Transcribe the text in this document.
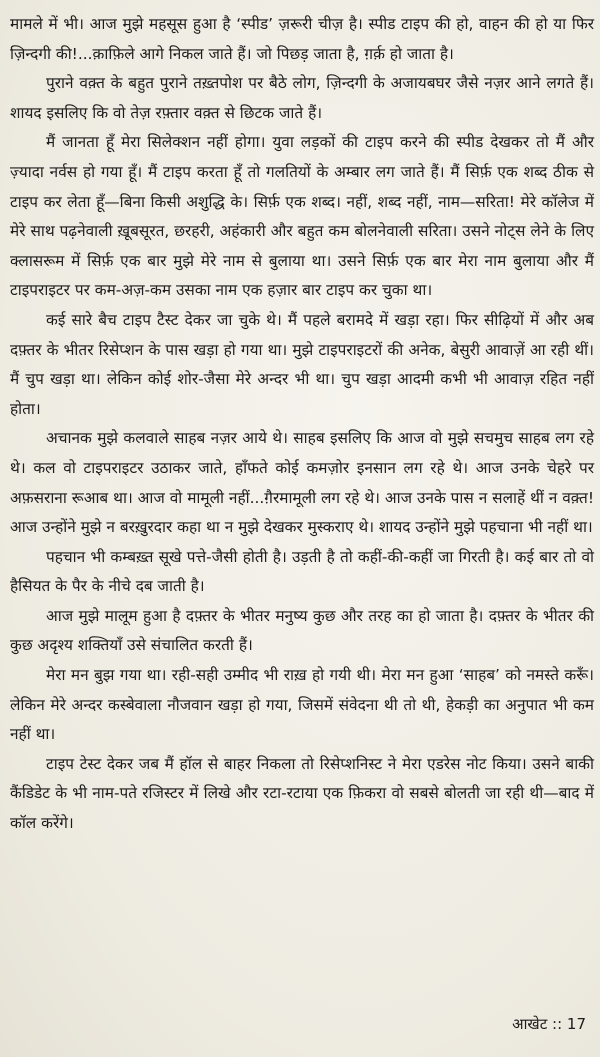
मामले में भी। आज मुझे महसूस हुआ है ‘स्पीड’ ज़रूरी चीज़ है। स्पीड टाइप की हो, वाहन की हो या फिर ज़िन्दगी की!...क़ाफ़िले आगे निकल जाते हैं। जो पिछड़ जाता है, ग़र्क़ हो जाता है।

पुराने वक़्त के बहुत पुराने तख़्तपोश पर बैठे लोग, ज़िन्दगी के अजायबघर जैसे नज़र आने लगते हैं। शायद इसलिए कि वो तेज़ रफ़्तार वक़्त से छिटक जाते हैं।

मैं जानता हूँ मेरा सिलेक्शन नहीं होगा। युवा लड़कों की टाइप करने की स्पीड देखकर तो मैं और ज़्यादा नर्वस हो गया हूँ। मैं टाइप करता हूँ तो गलतियों के अम्बार लग जाते हैं। मैं सिर्फ़ एक शब्द ठीक से टाइप कर लेता हूँ—बिना किसी अशुद्धि के। सिर्फ़ एक शब्द। नहीं, शब्द नहीं, नाम—सरिता! मेरे कॉलेज में मेरे साथ पढ़नेवाली ख़ूबसूरत, छरहरी, अहंकारी और बहुत कम बोलनेवाली सरिता। उसने नोट्स लेने के लिए क्लासरूम में सिर्फ़ एक बार मुझे मेरे नाम से बुलाया था। उसने सिर्फ़ एक बार मेरा नाम बुलाया और मैं टाइपराइटर पर कम-अज़-कम उसका नाम एक हज़ार बार टाइप कर चुका था।

कई सारे बैच टाइप टैस्ट देकर जा चुके थे। मैं पहले बरामदे में खड़ा रहा। फिर सीढ़ियों में और अब दफ़्तर के भीतर रिसेप्शन के पास खड़ा हो गया था। मुझे टाइपराइटरों की अनेक, बेसुरी आवाज़ें आ रही थीं। मैं चुप खड़ा था। लेकिन कोई शोर-जैसा मेरे अन्दर भी था। चुप खड़ा आदमी कभी भी आवाज़ रहित नहीं होता।

अचानक मुझे कलवाले साहब नज़र आये थे। साहब इसलिए कि आज वो मुझे सचमुच साहब लग रहे थे। कल वो टाइपराइटर उठाकर जाते, हाँफते कोई कमज़ोर इनसान लग रहे थे। आज उनके चेहरे पर अफ़सराना रूआब था। आज वो मामूली नहीं...ग़ैरमामूली लग रहे थे। आज उनके पास न सलाहें थीं न वक़्त! आज उन्होंने मुझे न बरख़ुरदार कहा था न मुझे देखकर मुस्कराए थे। शायद उन्होंने मुझे पहचाना भी नहीं था।

पहचान भी कम्बख़्त सूखे पत्ते-जैसी होती है। उड़ती है तो कहीं-की-कहीं जा गिरती है। कई बार तो वो हैसियत के पैर के नीचे दब जाती है।

आज मुझे मालूम हुआ है दफ़्तर के भीतर मनुष्य कुछ और तरह का हो जाता है। दफ़्तर के भीतर की कुछ अदृश्य शक्तियाँ उसे संचालित करती हैं।

मेरा मन बुझ गया था। रही-सही उम्मीद भी राख़ हो गयी थी। मेरा मन हुआ ‘साहब’ को नमस्ते करूँ। लेकिन मेरे अन्दर कस्बेवाला नौजवान खड़ा हो गया, जिसमें संवेदना थी तो थी, हेकड़ी का अनुपात भी कम नहीं था।

टाइप टेस्ट देकर जब मैं हॉल से बाहर निकला तो रिसेप्शनिस्ट ने मेरा एडरेस नोट किया। उसने बाकी कैंडिडेट के भी नाम-पते रजिस्टर में लिखे और रटा-रटाया एक फ़िकरा वो सबसे बोलती जा रही थी—बाद में कॉल करेंगे।

आखेट :: 17
